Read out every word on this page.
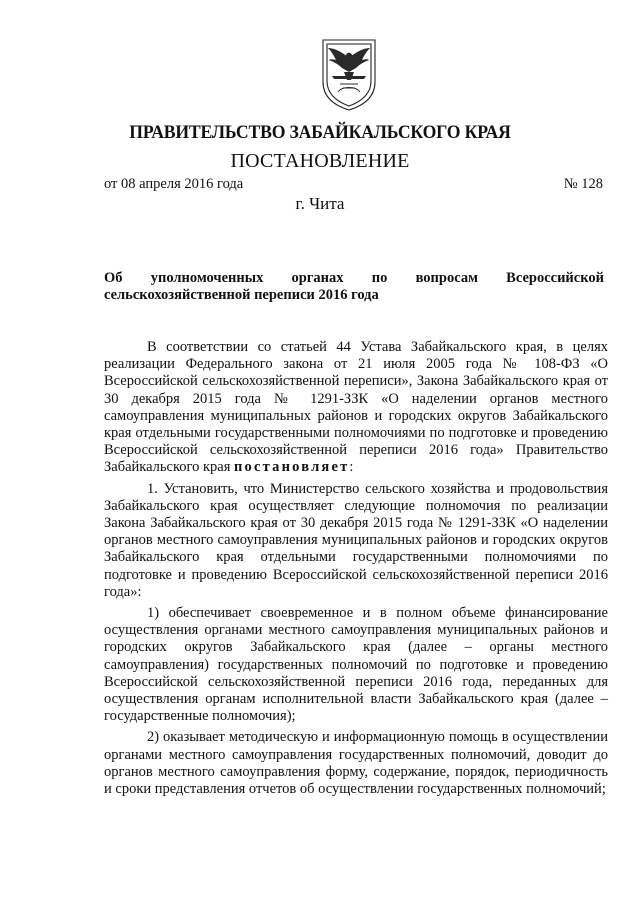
ПРАВИТЕЛЬСТВО ЗАБАЙКАЛЬСКОГО КРАЯ
ПОСТАНОВЛЕНИЕ
от 08 апреля 2016 года	№ 128
г. Чита
Об уполномоченных органах по вопросам Всероссийской
сельскохозяйственной переписи 2016 года

В соответствии со статьей 44 Устава Забайкальского края, в целях реализации Федерального закона от 21 июля 2005 года № 108-ФЗ «О Всероссийской сельскохозяйственной переписи», Закона Забайкальского края от 30 декабря 2015 года № 1291-ЗЗК «О наделении органов местного самоуправления муниципальных районов и городских округов Забайкальского края отдельными государственными полномочиями по подготовке и проведению Всероссийской сельскохозяйственной переписи 2016 года» Правительство Забайкальского края постановляет:

1. Установить, что Министерство сельского хозяйства и продовольствия Забайкальского края осуществляет следующие полномочия по реализации Закона Забайкальского края от 30 декабря 2015 года № 1291-ЗЗК «О наделении органов местного самоуправления муниципальных районов и городских округов Забайкальского края отдельными государственными полномочиями по подготовке и проведению Всероссийской сельскохозяйственной переписи 2016 года»:

1) обеспечивает своевременное и в полном объеме финансирование осуществления органами местного самоуправления муниципальных районов и городских округов Забайкальского края (далее – органы местного самоуправления) государственных полномочий по подготовке и проведению Всероссийской сельскохозяйственной переписи 2016 года, переданных для осуществления органам исполнительной власти Забайкальского края (далее – государственные полномочия);

2) оказывает методическую и информационную помощь в осуществлении органами местного самоуправления государственных полномочий, доводит до органов местного самоуправления форму, содержание, порядок, периодичность и сроки представления отчетов об осуществлении государственных полномочий;
